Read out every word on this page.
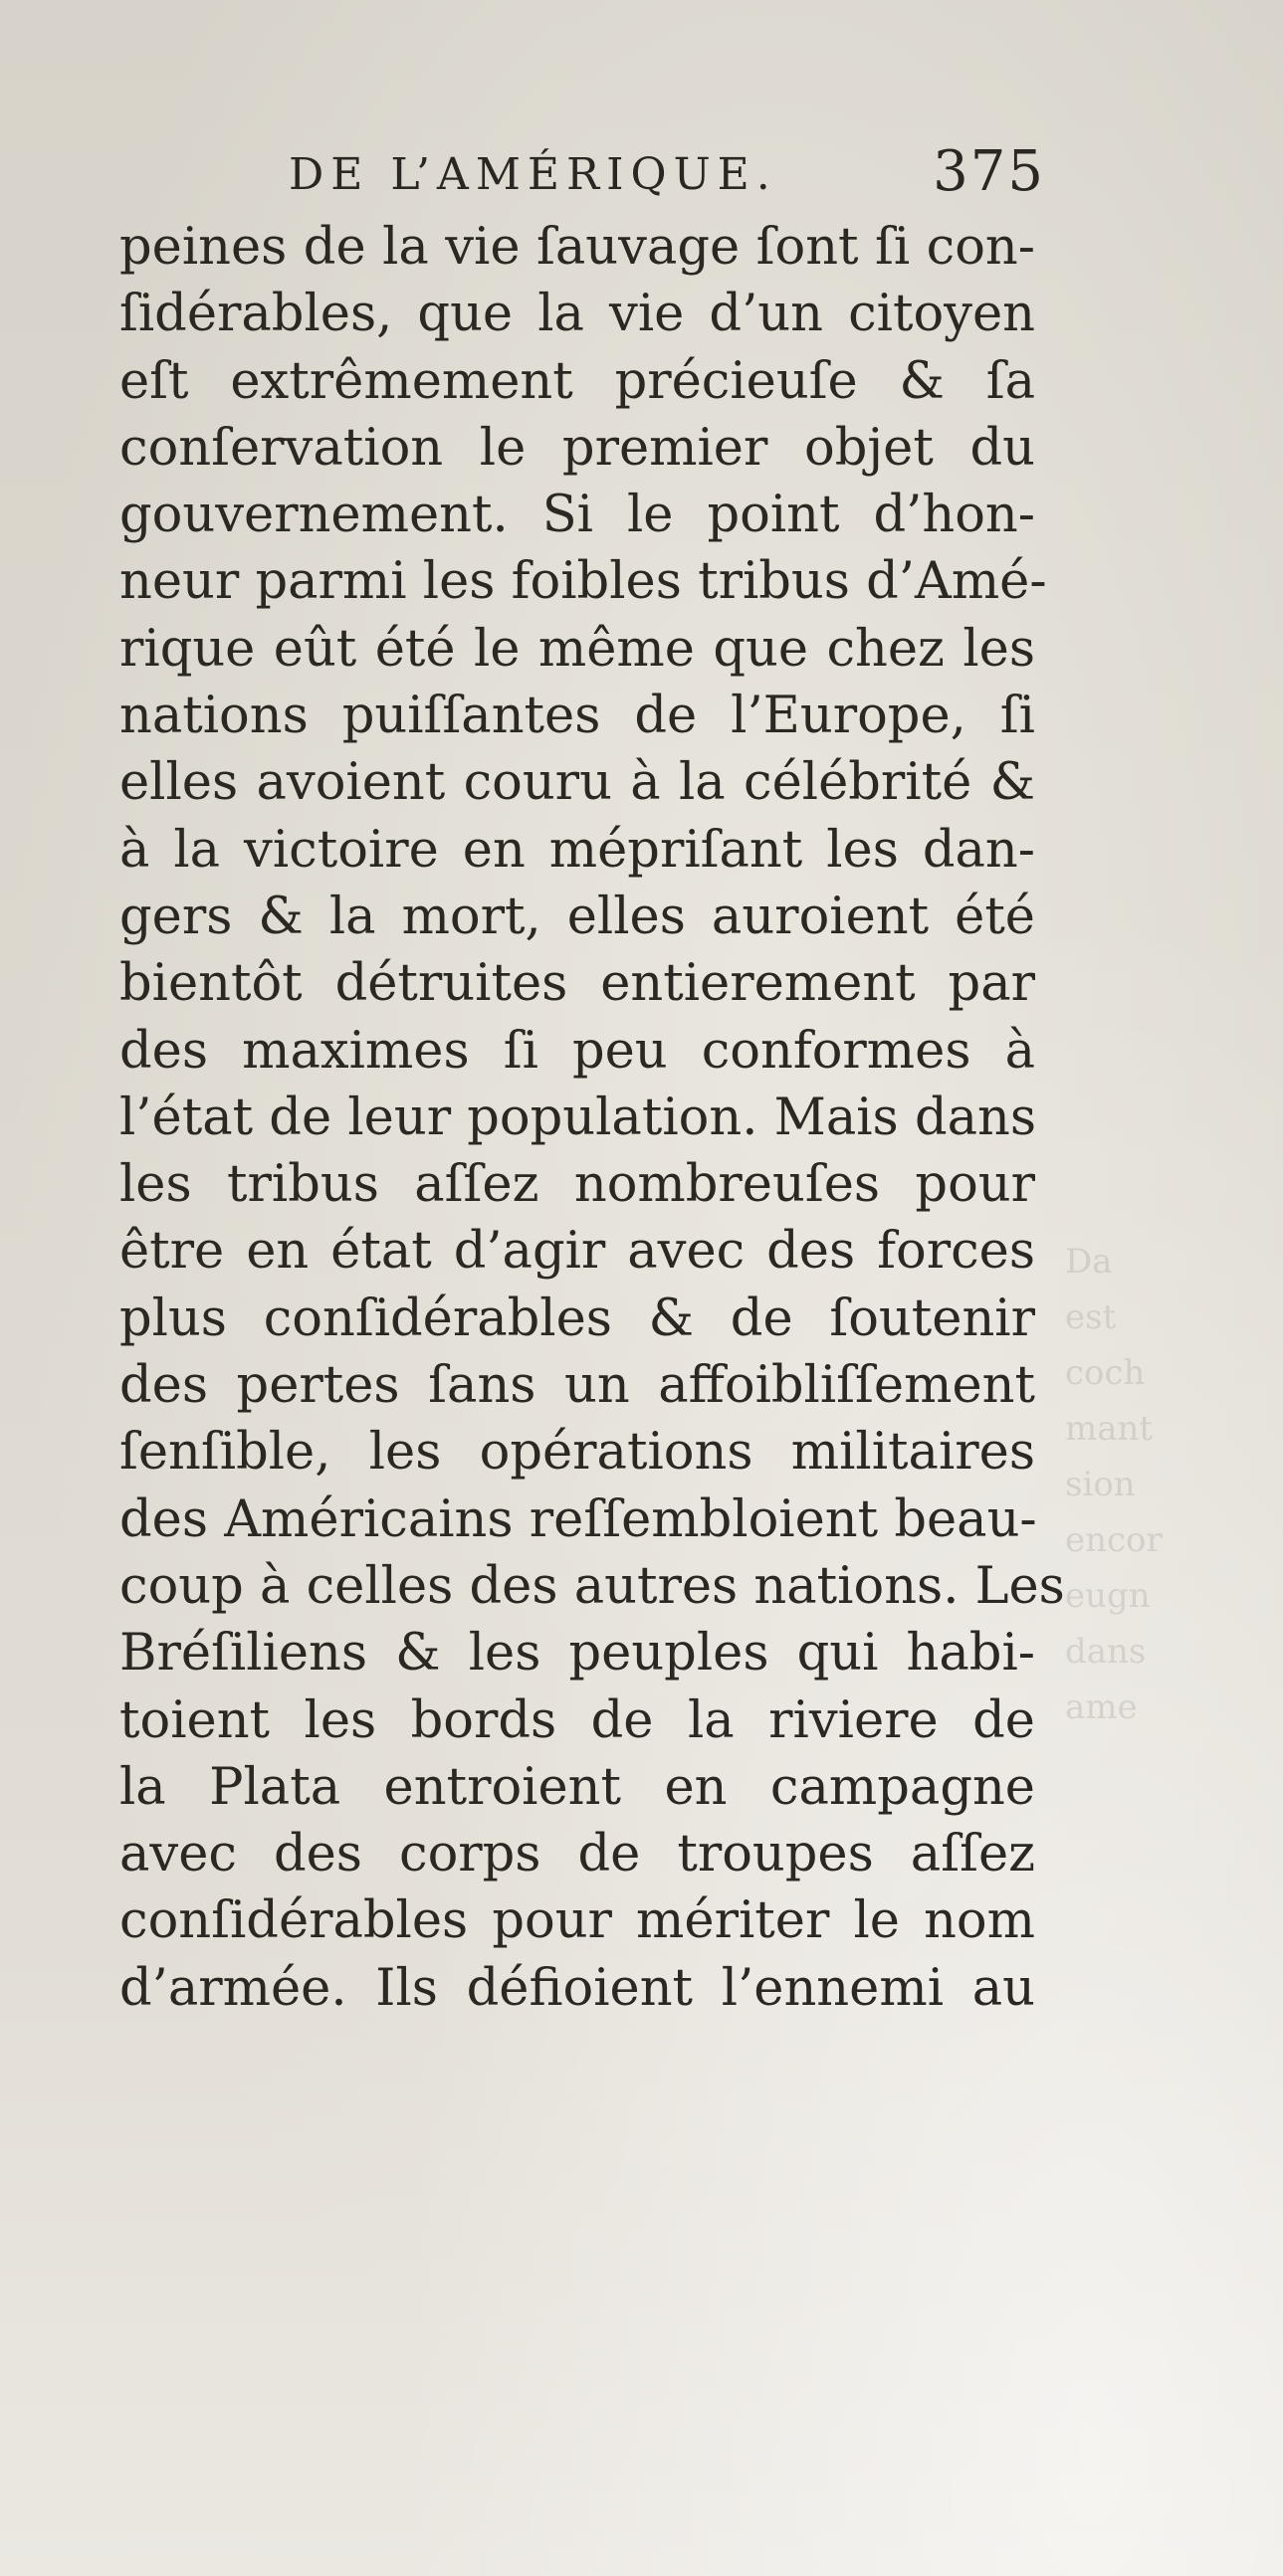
Da
est
coch
mant
sion
encor
eugn
dans
ame
DE L’AMÉRIQUE.	375
peines de la vie ſauvage ſont ſi con-
ſidérables, que la vie d’un citoyen
eſt extrêmement précieuſe & ſa
conſervation le premier objet du
gouvernement. Si le point d’hon-
neur parmi les foibles tribus d’Amé-
rique eût été le même que chez les
nations puiſſantes de l’Europe, ſi
elles avoient couru à la célébrité &
à la victoire en mépriſant les dan-
gers & la mort, elles auroient été
bientôt détruites entierement par
des maximes ſi peu conformes à
l’état de leur population. Mais dans
les tribus aſſez nombreuſes pour
être en état d’agir avec des forces
plus conſidérables & de ſoutenir
des pertes ſans un affoibliſſement
ſenſible, les opérations militaires
des Américains reſſembloient beau-
coup à celles des autres nations. Les
Bréſiliens & les peuples qui habi-
toient les bords de la riviere de
la Plata entroient en campagne
avec des corps de troupes aſſez
conſidérables pour mériter le nom
d’armée. Ils défioient l’ennemi au
